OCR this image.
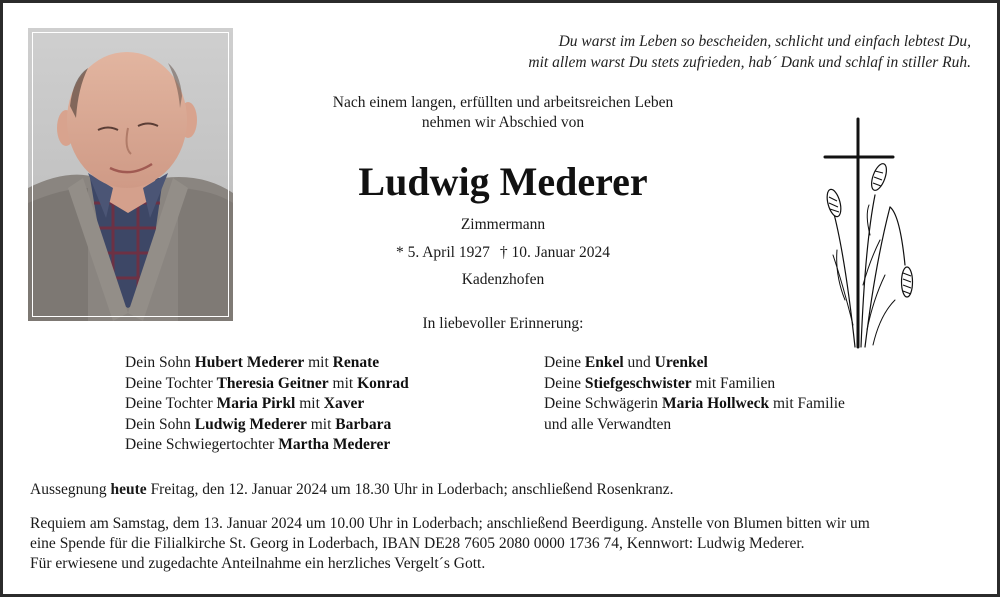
Du warst im Leben so bescheiden, schlicht und einfach lebtest Du,
mit allem warst Du stets zufrieden, hab´ Dank und schlaf in stiller Ruh.
Nach einem langen, erfüllten und arbeitsreichen Leben
nehmen wir Abschied von
Ludwig Mederer
Zimmermann
* 5. April 1927 † 10. Januar 2024
Kadenzhofen
In liebevoller Erinnerung:
Dein Sohn Hubert Mederer mit Renate
Deine Tochter Theresia Geitner mit Konrad
Deine Tochter Maria Pirkl mit Xaver
Dein Sohn Ludwig Mederer mit Barbara
Deine Schwiegertochter Martha Mederer
Deine Enkel und Urenkel
Deine Stiefgeschwister mit Familien
Deine Schwägerin Maria Hollweck mit Familie
und alle Verwandten
Aussegnung heute Freitag, den 12. Januar 2024 um 18.30 Uhr in Loderbach; anschließend Rosenkranz.
Requiem am Samstag, dem 13. Januar 2024 um 10.00 Uhr in Loderbach; anschließend Beerdigung. Anstelle von Blumen bitten wir um
eine Spende für die Filialkirche St. Georg in Loderbach, IBAN DE28 7605 2080 0000 1736 74, Kennwort: Ludwig Mederer.
Für erwiesene und zugedachte Anteilnahme ein herzliches Vergelt´s Gott.
